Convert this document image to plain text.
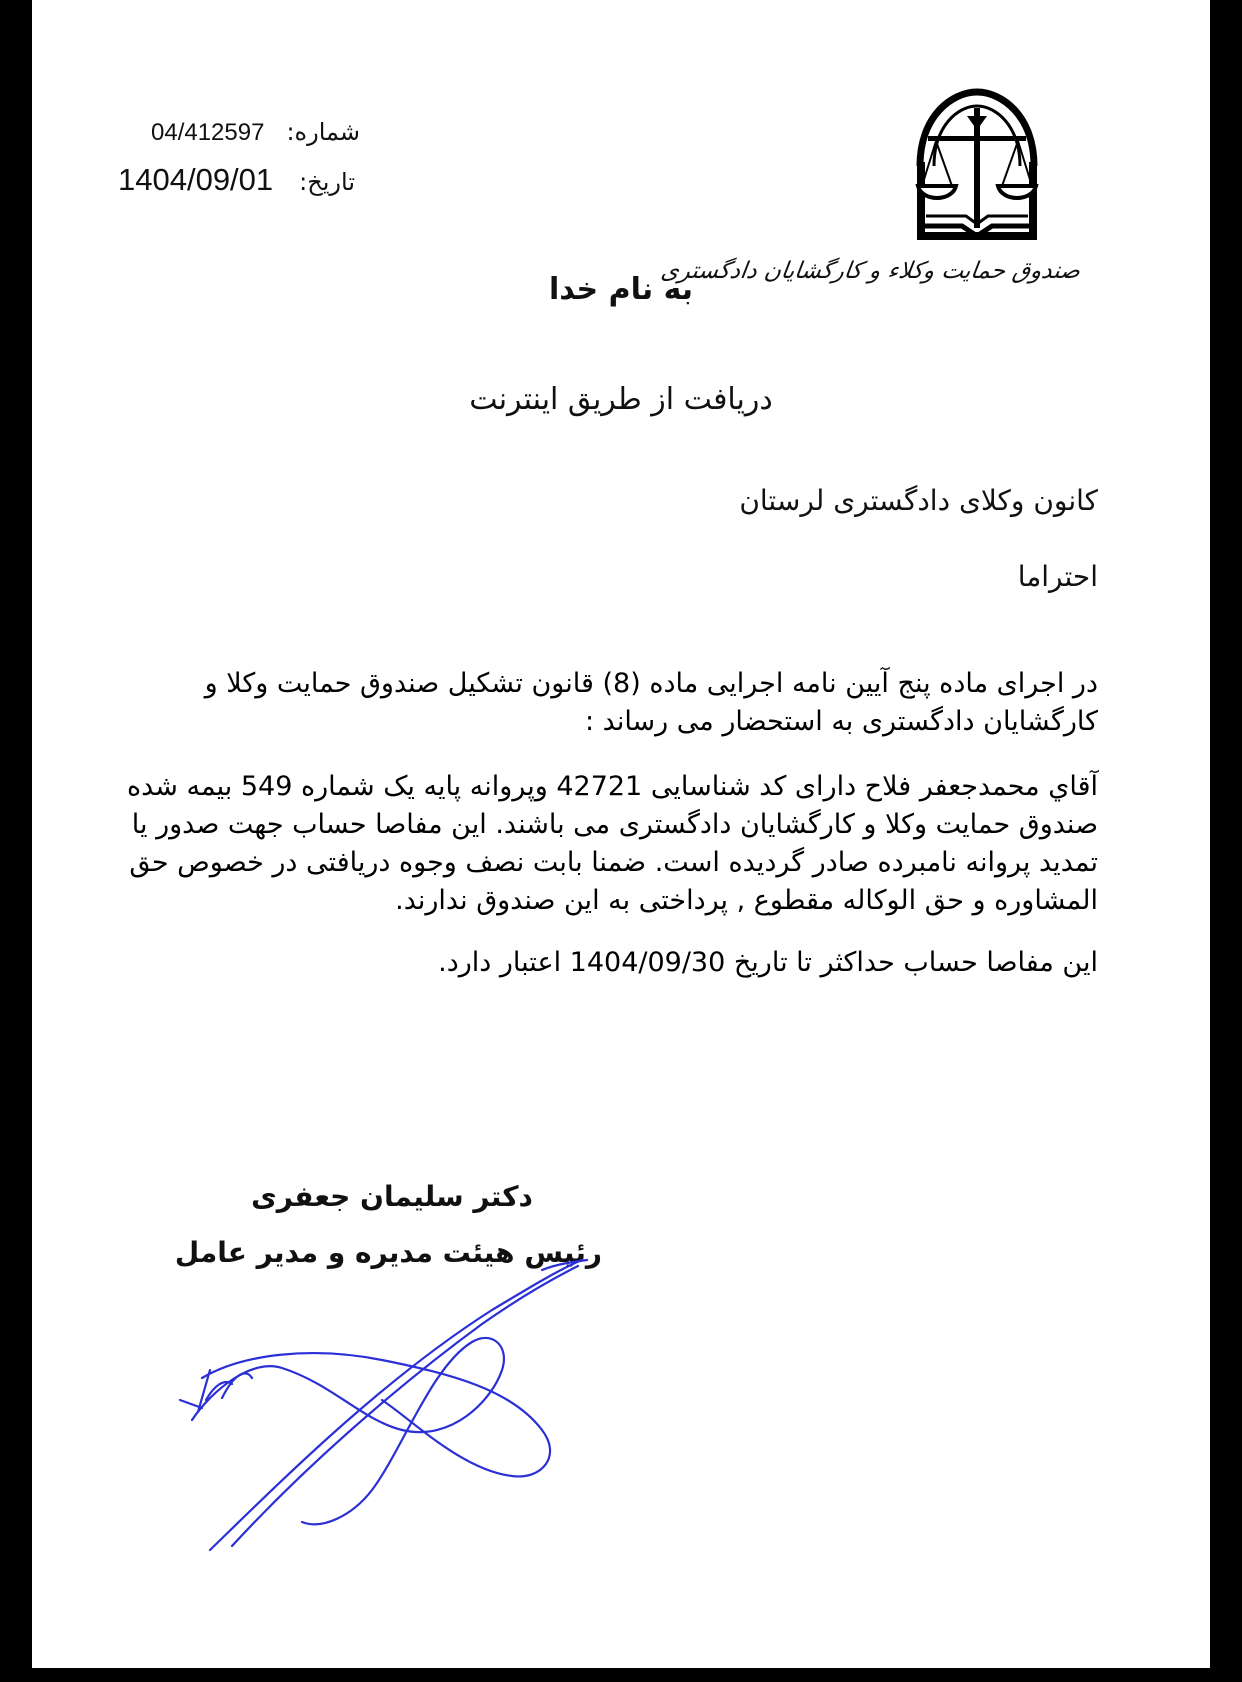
شماره:
04/412597
تاریخ:
1404/09/01
صندوق حمایت وکلاء و کارگشایان دادگستری
به نام خدا
دریافت از طریق اینترنت
کانون وکلای دادگستری لرستان
احتراما

در اجرای ماده پنج آیین نامه اجرایی ماده (8) قانون تشکیل صندوق حمایت وکلا و

کارگشایان دادگستری به استحضار می رساند :

آقاي محمدجعفر فلاح دارای کد شناسایی 42721 وپروانه پایه یک شماره 549 بیمه شده

صندوق حمایت وکلا و کارگشایان دادگستری می باشند. این مفاصا حساب جهت صدور یا

تمدید پروانه نامبرده صادر گردیده است. ضمنا بابت نصف وجوه دریافتی در خصوص حق

المشاوره و حق الوکاله مقطوع , پرداختی به این صندوق ندارند.

این مفاصا حساب حداکثر تا تاریخ 1404/09/30 اعتبار دارد.
دکتر سلیمان جعفری
رئیس هیئت مدیره و مدیر عامل
